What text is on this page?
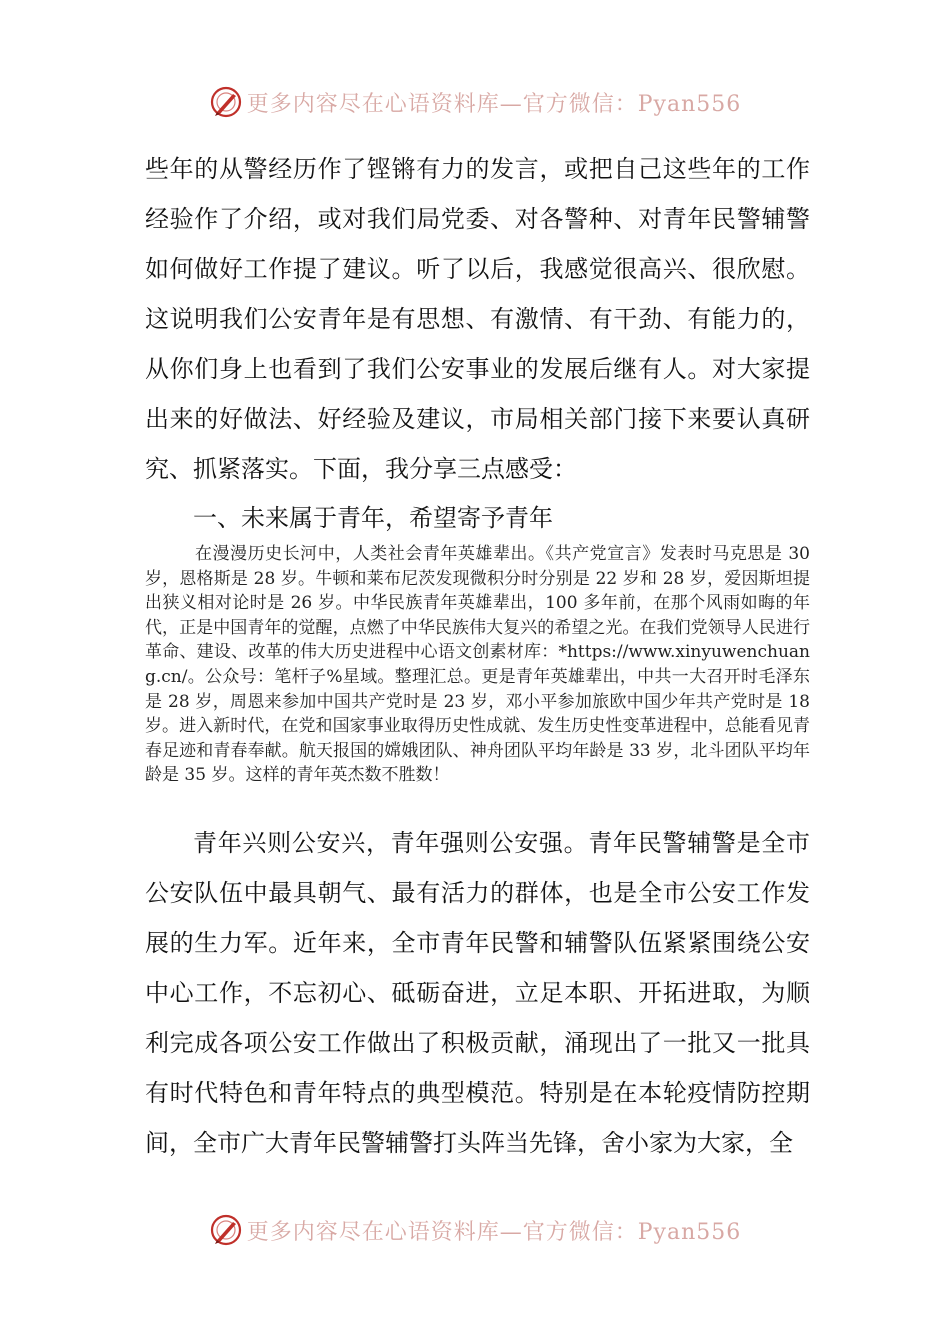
更多内容尽在心语资料库—官方微信：Pyan556

些年的从警经历作了铿锵有力的发言，或把自己这些年的工作经验作了介绍，或对我们局党委、对各警种、对青年民警辅警如何做好工作提了建议。听了以后，我感觉很高兴、很欣慰。这说明我们公安青年是有思想、有激情、有干劲、有能力的，从你们身上也看到了我们公安事业的发展后继有人。对大家提出来的好做法、好经验及建议，市局相关部门接下来要认真研究、抓紧落实。下面，我分享三点感受：

一、未来属于青年，希望寄予青年

在漫漫历史长河中，人类社会青年英雄辈出。《共产党宣言》发表时马克思是 30 岁，恩格斯是 28 岁。牛顿和莱布尼茨发现微积分时分别是 22 岁和 28 岁，爱因斯坦提出狭义相对论时是 26 岁。中华民族青年英雄辈出，100 多年前，在那个风雨如晦的年代，正是中国青年的觉醒，点燃了中华民族伟大复兴的希望之光。在我们党领导人民进行革命、建设、改革的伟大历史进程中心语文创素材库：*https://www.xinyuwenchuang.cn/。公众号：笔杆子%星域。整理汇总。更是青年英雄辈出，中共一大召开时毛泽东是 28 岁，周恩来参加中国共产党时是 23 岁，邓小平参加旅欧中国少年共产党时是 18 岁。进入新时代，在党和国家事业取得历史性成就、发生历史性变革进程中，总能看见青春足迹和青春奉献。航天报国的嫦娥团队、神舟团队平均年龄是 33 岁，北斗团队平均年龄是 35 岁。这样的青年英杰数不胜数！

青年兴则公安兴，青年强则公安强。青年民警辅警是全市公安队伍中最具朝气、最有活力的群体，也是全市公安工作发展的生力军。近年来，全市青年民警和辅警队伍紧紧围绕公安中心工作，不忘初心、砥砺奋进，立足本职、开拓进取，为顺利完成各项公安工作做出了积极贡献，涌现出了一批又一批具有时代特色和青年特点的典型模范。特别是在本轮疫情防控期间，全市广大青年民警辅警打头阵当先锋，舍小家为大家，全

更多内容尽在心语资料库—官方微信：Pyan556
